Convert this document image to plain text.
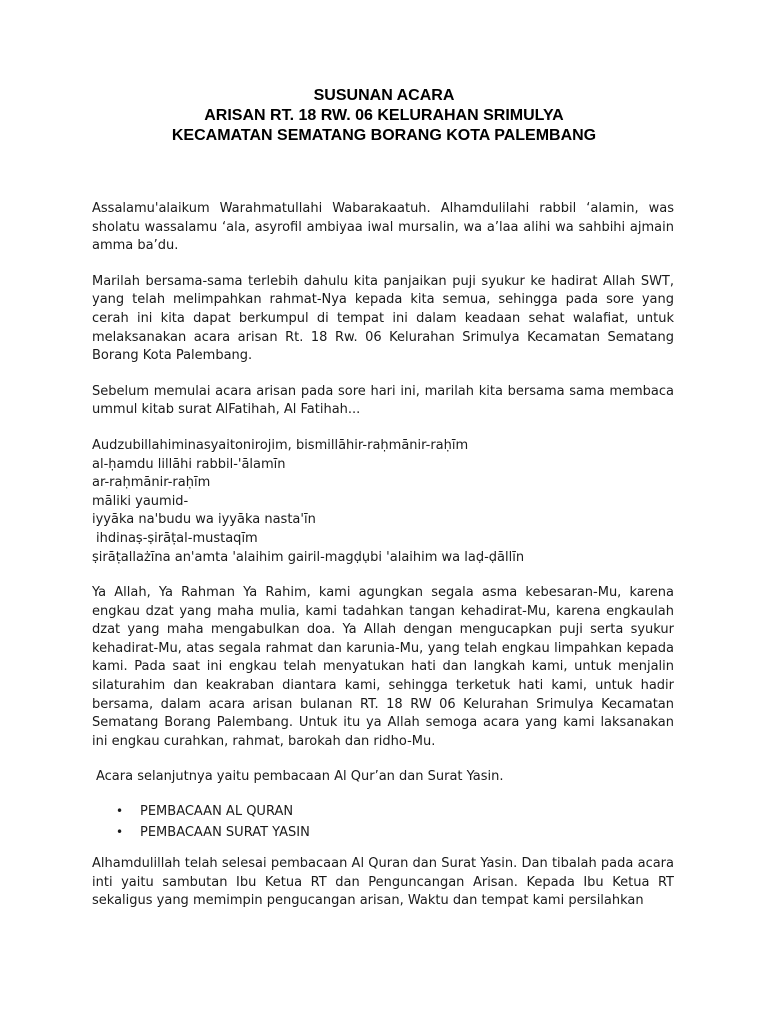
SUSUNAN ACARA
ARISAN RT. 18 RW. 06 KELURAHAN SRIMULYA
KECAMATAN SEMATANG BORANG KOTA PALEMBANG

Assalamu'alaikum Warahmatullahi Wabarakaatuh. Alhamdulilahi rabbil ‘alamin, was sholatu wassalamu ‘ala, asyrofil ambiyaa iwal mursalin, wa a’laa alihi wa sahbihi ajmain amma ba’du.

Marilah bersama-sama terlebih dahulu kita panjaikan puji syukur ke hadirat Allah SWT, yang telah melimpahkan rahmat-Nya kepada kita semua, sehingga pada sore yang cerah ini kita dapat berkumpul di tempat ini dalam keadaan sehat walafiat, untuk melaksanakan acara arisan Rt. 18 Rw. 06 Kelurahan Srimulya Kecamatan Sematang Borang Kota Palembang.

Sebelum memulai acara arisan pada sore hari ini, marilah kita bersama sama membaca ummul kitab surat AlFatihah, Al Fatihah...

Audzubillahiminasyaitonirojim, bismillāhir-raḥmānir-raḥīm
al-ḥamdu lillāhi rabbil-'ālamīn
ar-raḥmānir-raḥīm
māliki yaumid-
iyyāka na'budu wa iyyāka nasta'īn
ihdinaṣ-ṣirāṭal-mustaqīm
ṣirāṭallażīna an'amta 'alaihim gairil-magḍụbi 'alaihim wa laḍ-ḍāllīn

Ya Allah, Ya Rahman Ya Rahim, kami agungkan segala asma kebesaran-Mu, karena engkau dzat yang maha mulia, kami tadahkan tangan kehadirat-Mu, karena engkaulah dzat yang maha mengabulkan doa. Ya Allah dengan mengucapkan puji serta syukur kehadirat-Mu, atas segala rahmat dan karunia-Mu, yang telah engkau limpahkan kepada kami. Pada saat ini engkau telah menyatukan hati dan langkah kami, untuk menjalin silaturahim dan keakraban diantara kami, sehingga terketuk hati kami, untuk hadir bersama, dalam acara arisan bulanan RT. 18 RW 06 Kelurahan Srimulya Kecamatan Sematang Borang Palembang. Untuk itu ya Allah semoga acara yang kami laksanakan ini engkau curahkan, rahmat, barokah dan ridho-Mu.

Acara selanjutnya yaitu pembacaan Al Qur’an dan Surat Yasin.

• PEMBACAAN AL QURAN
• PEMBACAAN SURAT YASIN

Alhamdulillah telah selesai pembacaan Al Quran dan Surat Yasin. Dan tibalah pada acara inti yaitu sambutan Ibu Ketua RT dan Penguncangan Arisan. Kepada Ibu Ketua RT sekaligus yang memimpin pengucangan arisan, Waktu dan tempat kami persilahkan
